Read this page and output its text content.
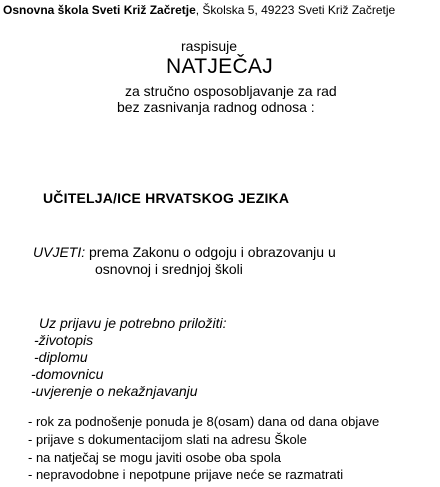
Osnovna škola Sveti Križ Začretje, Školska 5, 49223 Sveti Križ Začretje
raspisuje
NATJEČAJ
za stručno osposobljavanje za rad
bez zasnivanja radnog odnosa :
UČITELJA/ICE HRVATSKOG JEZIKA
UVJETI: prema Zakonu o odgoju i obrazovanju u
osnovnoj i srednjoj školi
Uz prijavu je potrebno priložiti:
-životopis
-diplomu
-domovnicu
-uvjerenje o nekažnjavanju
- rok za podnošenje ponuda je 8(osam) dana od dana objave
- prijave s dokumentacijom slati na adresu Škole
- na natječaj se mogu javiti osobe oba spola
- nepravodobne i nepotpune prijave neće se razmatrati
